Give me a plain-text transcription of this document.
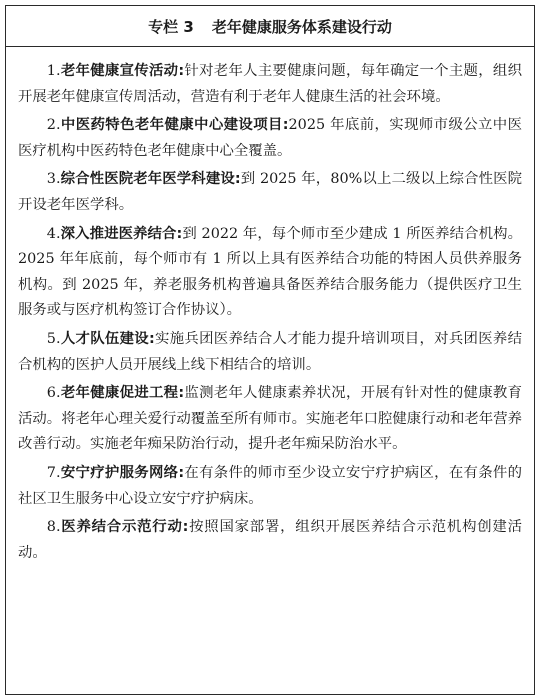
专栏 3 老年健康服务体系建设行动

1.老年健康宣传活动:针对老年人主要健康问题，每年确定一个主题，组织开展老年健康宣传周活动，营造有利于老年人健康生活的社会环境。

2.中医药特色老年健康中心建设项目:2025 年底前，实现师市级公立中医医疗机构中医药特色老年健康中心全覆盖。

3.综合性医院老年医学科建设:到 2025 年，80%以上二级以上综合性医院开设老年医学科。

4.深入推进医养结合:到 2022 年，每个师市至少建成 1 所医养结合机构。2025 年年底前，每个师市有 1 所以上具有医养结合功能的特困人员供养服务机构。到 2025 年，养老服务机构普遍具备医养结合服务能力（提供医疗卫生服务或与医疗机构签订合作协议）。

5.人才队伍建设:实施兵团医养结合人才能力提升培训项目，对兵团医养结合机构的医护人员开展线上线下相结合的培训。

6.老年健康促进工程:监测老年人健康素养状况，开展有针对性的健康教育活动。将老年心理关爱行动覆盖至所有师市。实施老年口腔健康行动和老年营养改善行动。实施老年痴呆防治行动，提升老年痴呆防治水平。

7.安宁疗护服务网络:在有条件的师市至少设立安宁疗护病区，在有条件的社区卫生服务中心设立安宁疗护病床。

8.医养结合示范行动:按照国家部署，组织开展医养结合示范机构创建活动。
